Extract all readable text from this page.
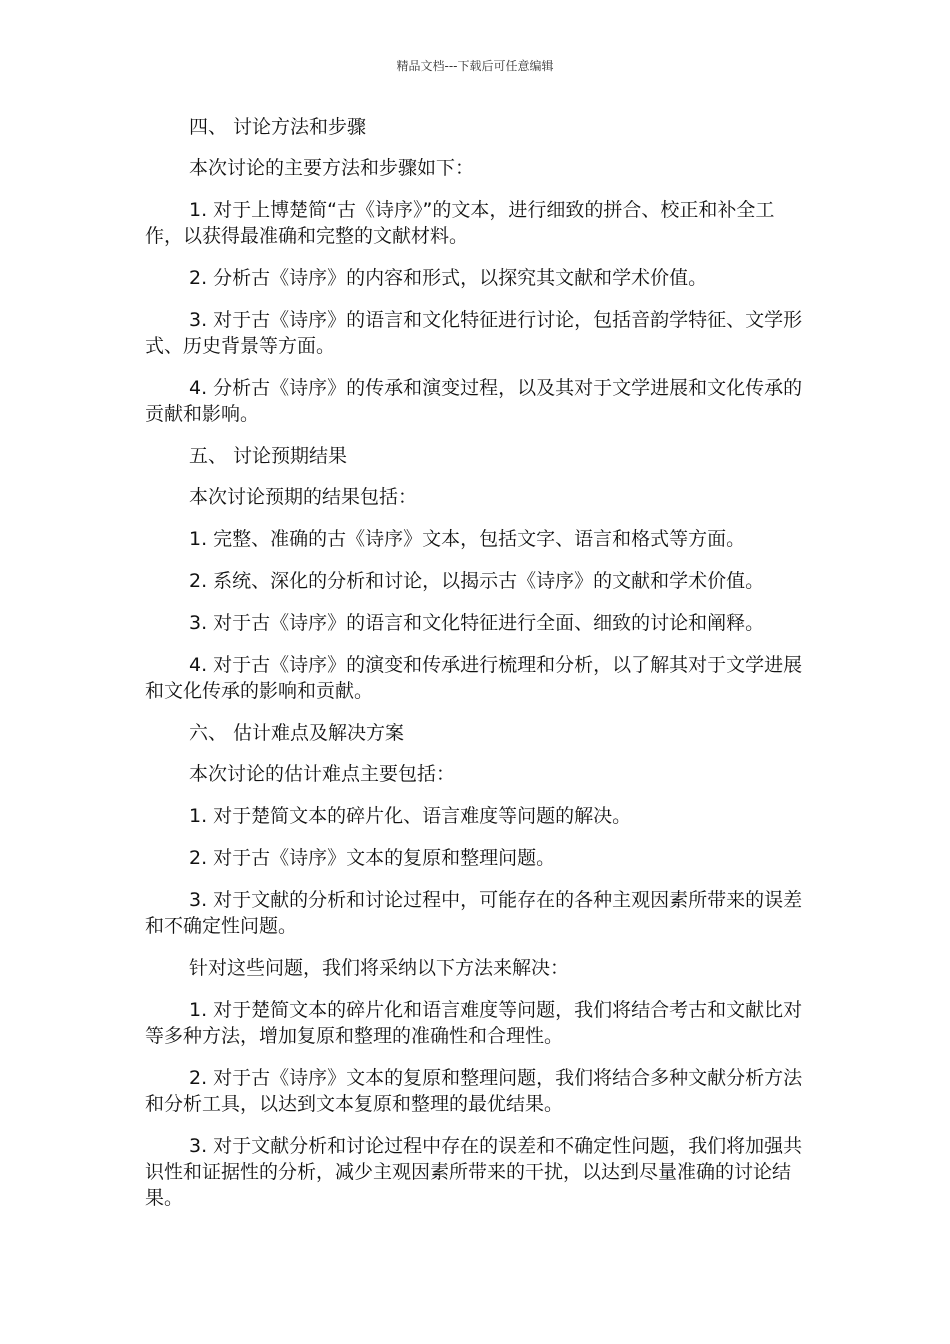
精品文档---下载后可任意编辑

四、 讨论方法和步骤

本次讨论的主要方法和步骤如下：

1. 对于上博楚简“古《诗序》”的文本，进行细致的拼合、校正和补全工作，以获得最准确和完整的文献材料。

2. 分析古《诗序》的内容和形式，以探究其文献和学术价值。

3. 对于古《诗序》的语言和文化特征进行讨论，包括音韵学特征、文学形式、历史背景等方面。

4. 分析古《诗序》的传承和演变过程，以及其对于文学进展和文化传承的贡献和影响。

五、 讨论预期结果

本次讨论预期的结果包括：

1. 完整、准确的古《诗序》文本，包括文字、语言和格式等方面。

2. 系统、深化的分析和讨论，以揭示古《诗序》的文献和学术价值。

3. 对于古《诗序》的语言和文化特征进行全面、细致的讨论和阐释。

4. 对于古《诗序》的演变和传承进行梳理和分析，以了解其对于文学进展和文化传承的影响和贡献。

六、 估计难点及解决方案

本次讨论的估计难点主要包括：

1. 对于楚简文本的碎片化、语言难度等问题的解决。

2. 对于古《诗序》文本的复原和整理问题。

3. 对于文献的分析和讨论过程中，可能存在的各种主观因素所带来的误差和不确定性问题。

针对这些问题，我们将采纳以下方法来解决：

1. 对于楚简文本的碎片化和语言难度等问题，我们将结合考古和文献比对等多种方法，增加复原和整理的准确性和合理性。

2. 对于古《诗序》文本的复原和整理问题，我们将结合多种文献分析方法和分析工具，以达到文本复原和整理的最优结果。

3. 对于文献分析和讨论过程中存在的误差和不确定性问题，我们将加强共识性和证据性的分析，减少主观因素所带来的干扰，以达到尽量准确的讨论结果。
